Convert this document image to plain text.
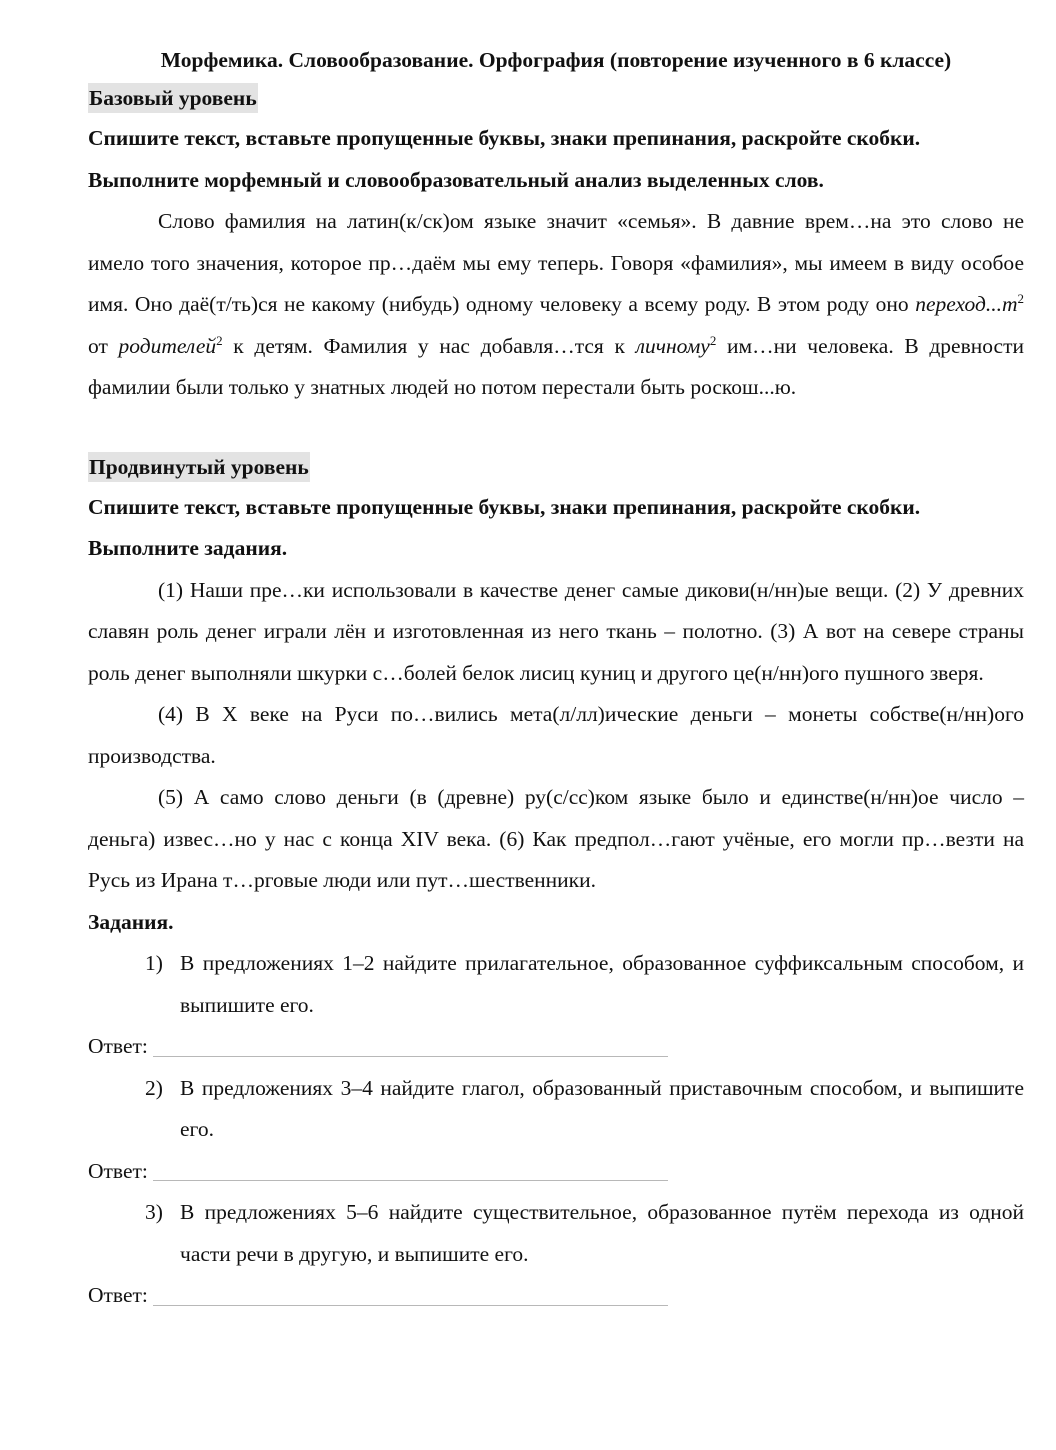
Морфемика. Словообразование. Орфография (повторение изученного в 6 классе)

Базовый уровень

Спишите текст, вставьте пропущенные буквы, знаки препинания, раскройте скобки.

Выполните морфемный и словообразовательный анализ выделенных слов.

Слово фамилия на латин(к/ск)ом языке значит «семья». В давние врем…на это слово не имело того значения, которое пр…даём мы ему теперь. Говоря «фамилия», мы имеем в виду особое имя. Оно даё(т/ть)ся не какому (нибудь) одному человеку а всему роду. В этом роду оно $переход...т^2$ от родителей$^2$ к детям. Фамилия у нас добавля…тся к личному$^2$ им…ни человека. В древности фамилии были только у знатных людей но потом перестали быть роскош...ю.

Продвинутый уровень

Спишите текст, вставьте пропущенные буквы, знаки препинания, раскройте скобки.

Выполните задания.

(1) Наши пре…ки использовали в качестве денег самые дикови(н/нн)ые вещи. (2) У древних славян роль денег играли лён и изготовленная из него ткань – полотно. (3) А вот на севере страны роль денег выполняли шкурки с…болей белок лисиц куниц и другого це(н/нн)ого пушного зверя.

(4) В X веке на Руси по…вились мета(л/лл)ические деньги – монеты собстве(н/нн)ого производства.

(5) А само слово деньги (в (древне) ру(с/сс)ком языке было и единстве(н/нн)ое число – деньга) извес…но у нас с конца XIV века. (6) Как предпол…гают учёные, его могли пр…везти на Русь из Ирана т…рговые люди или пут…шественники.

Задания.

1) В предложениях 1–2 найдите прилагательное, образованное суффиксальным способом, и выпишите его.
Ответ:
2) В предложениях 3–4 найдите глагол, образованный приставочным способом, и выпишите его.
Ответ:
3) В предложениях 5–6 найдите существительное, образованное путём перехода из одной части речи в другую, и выпишите его.
Ответ:
